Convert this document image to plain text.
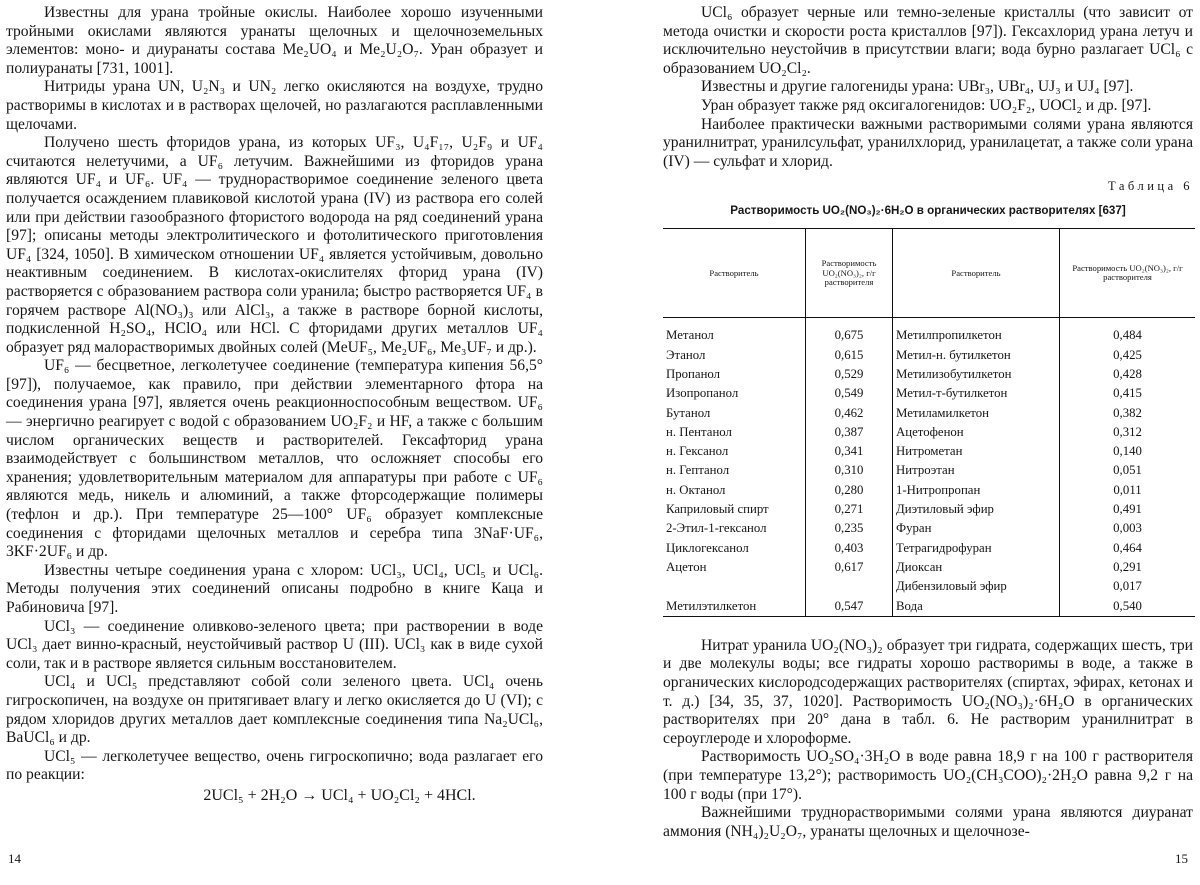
Известны для урана тройные окислы. Наиболее хорошо изученными тройными окислами являются уранаты щелочных и щелочноземельных элементов: моно- и диуранаты состава Me₂UO₄ и Me₂U₂O₇. Уран образует и полиуранаты [731, 1001].

Нитриды урана UN, U₂N₃ и UN₂ легко окисляются на воздухе, трудно растворимы в кислотах и в растворах щелочей, но разлагаются расплавленными щелочами.

Получено шесть фторидов урана, из которых UF₃, U₄F₁₇, U₂F₉ и UF₄ считаются нелетучими, а UF₆ летучим. Важнейшими из фторидов урана являются UF₄ и UF₆. UF₄ — труднорастворимое соединение зеленого цвета получается осаждением плавиковой кислотой урана (IV) из раствора его солей или при действии газообразного фтористого водорода на ряд соединений урана [97]; описаны методы электролитического и фотолитического приготовления UF₄ [324, 1050]. В химическом отношении UF₄ является устойчивым, довольно неактивным соединением. В кислотах-окислителях фторид урана (IV) растворяется с образованием раствора соли уранила; быстро растворяется UF₄ в горячем растворе Al(NO₃)₃ или AlCl₃, а также в растворе борной кислоты, подкисленной H₂SO₄, HClO₄ или HCl. С фторидами других металлов UF₄ образует ряд малорастворимых двойных солей (MeUF₅, Me₂UF₆, Me₃UF₇ и др.).

UF₆ — бесцветное, легколетучее соединение (температура кипения 56,5° [97]), получаемое, как правило, при действии элементарного фтора на соединения урана [97], является очень реакционноспособным веществом. UF₆ — энергично реагирует с водой с образованием UO₂F₂ и HF, а также с большим числом органических веществ и растворителей. Гексафторид урана взаимодействует с большинством металлов, что осложняет способы его хранения; удовлетворительным материалом для аппаратуры при работе с UF₆ являются медь, никель и алюминий, а также фторсодержащие полимеры (тефлон и др.). При температуре 25—100° UF₆ образует комплексные соединения с фторидами щелочных металлов и серебра типа 3NaF·UF₆, 3KF·2UF₆ и др.

Известны четыре соединения урана с хлором: UCl₃, UCl₄, UCl₅ и UCl₆. Методы получения этих соединений описаны подробно в книге Каца и Рабиновича [97].

UCl₃ — соединение оливково-зеленого цвета; при растворении в воде UCl₃ дает винно-красный, неустойчивый раствор U (III). UCl₃ как в виде сухой соли, так и в растворе является сильным восстановителем.

UCl₄ и UCl₅ представляют собой соли зеленого цвета. UCl₄ очень гигроскопичен, на воздухе он притягивает влагу и легко окисляется до U (VI); с рядом хлоридов других металлов дает комплексные соединения типа Na₂UCl₆, BaUCl₆ и др.

UCl₅ — легколетучее вещество, очень гигроскопично; вода разлагает его по реакции:

2UCl₅ + 2H₂O → UCl₄ + UO₂Cl₂ + 4HCl.
14

UCl₆ образует черные или темно-зеленые кристаллы (что зависит от метода очистки и скорости роста кристаллов [97]). Гексахлорид урана летуч и исключительно неустойчив в присутствии влаги; вода бурно разлагает UCl₆ с образованием UO₂Cl₂.

Известны и другие галогениды урана: UBr₃, UBr₄, UJ₃ и UJ₄ [97].

Уран образует также ряд оксигалогенидов: UO₂F₂, UOCl₂ и др. [97].

Наиболее практически важными растворимыми солями урана являются уранилнитрат, уранилсульфат, уранилхлорид, уранилацетат, а также соли урана (IV) — сульфат и хлорид.

Таблица 6
Растворимость UO₂(NO₃)₂·6H₂O в органических растворителях [637]
Растворитель	Растворимость UO₂(NO₃)₂, г/г растворителя	Растворитель	Растворимость UO₂(NO₃)₂, г/г растворителя
Метанол	0,675	Метилпропилкетон	0,484
Этанол	0,615	Метил-н. бутилкетон	0,425
Пропанол	0,529	Метилизобутилкетон	0,428
Изопропанол	0,549	Метил-т-бутилкетон	0,415
Бутанол	0,462	Метиламилкетон	0,382
н. Пентанол	0,387	Ацетофенон	0,312
н. Гексанол	0,341	Нитрометан	0,140
н. Гептанол	0,310	Нитроэтан	0,051
н. Октанол	0,280	1-Нитропропан	0,011
Каприловый спирт	0,271	Диэтиловый эфир	0,491
2-Этил-1-гексанол	0,235	Фуран	0,003
Циклогексанол	0,403	Тетрагидрофуран	0,464
Ацетон	0,617	Диоксан	0,291
		Дибензиловый эфир	0,017
Метилэтилкетон	0,547	Вода	0,540

Нитрат уранила UO₂(NO₃)₂ образует три гидрата, содержащих шесть, три и две молекулы воды; все гидраты хорошо растворимы в воде, а также в органических кислородсодержащих растворителях (спиртах, эфирах, кетонах и т. д.) [34, 35, 37, 1020]. Растворимость UO₂(NO₃)₂·6H₂O в органических растворителях при 20° дана в табл. 6. Не растворим уранилнитрат в сероуглероде и хлороформе.

Растворимость UO₂SO₄·3H₂O в воде равна 18,9 г на 100 г растворителя (при температуре 13,2°); растворимость UO₂(CH₃COO)₂·2H₂O равна 9,2 г на 100 г воды (при 17°).

Важнейшими труднорастворимыми солями урана являются диуранат аммония (NH₄)₂U₂O₇, уранаты щелочных и щелочнозе-

15
